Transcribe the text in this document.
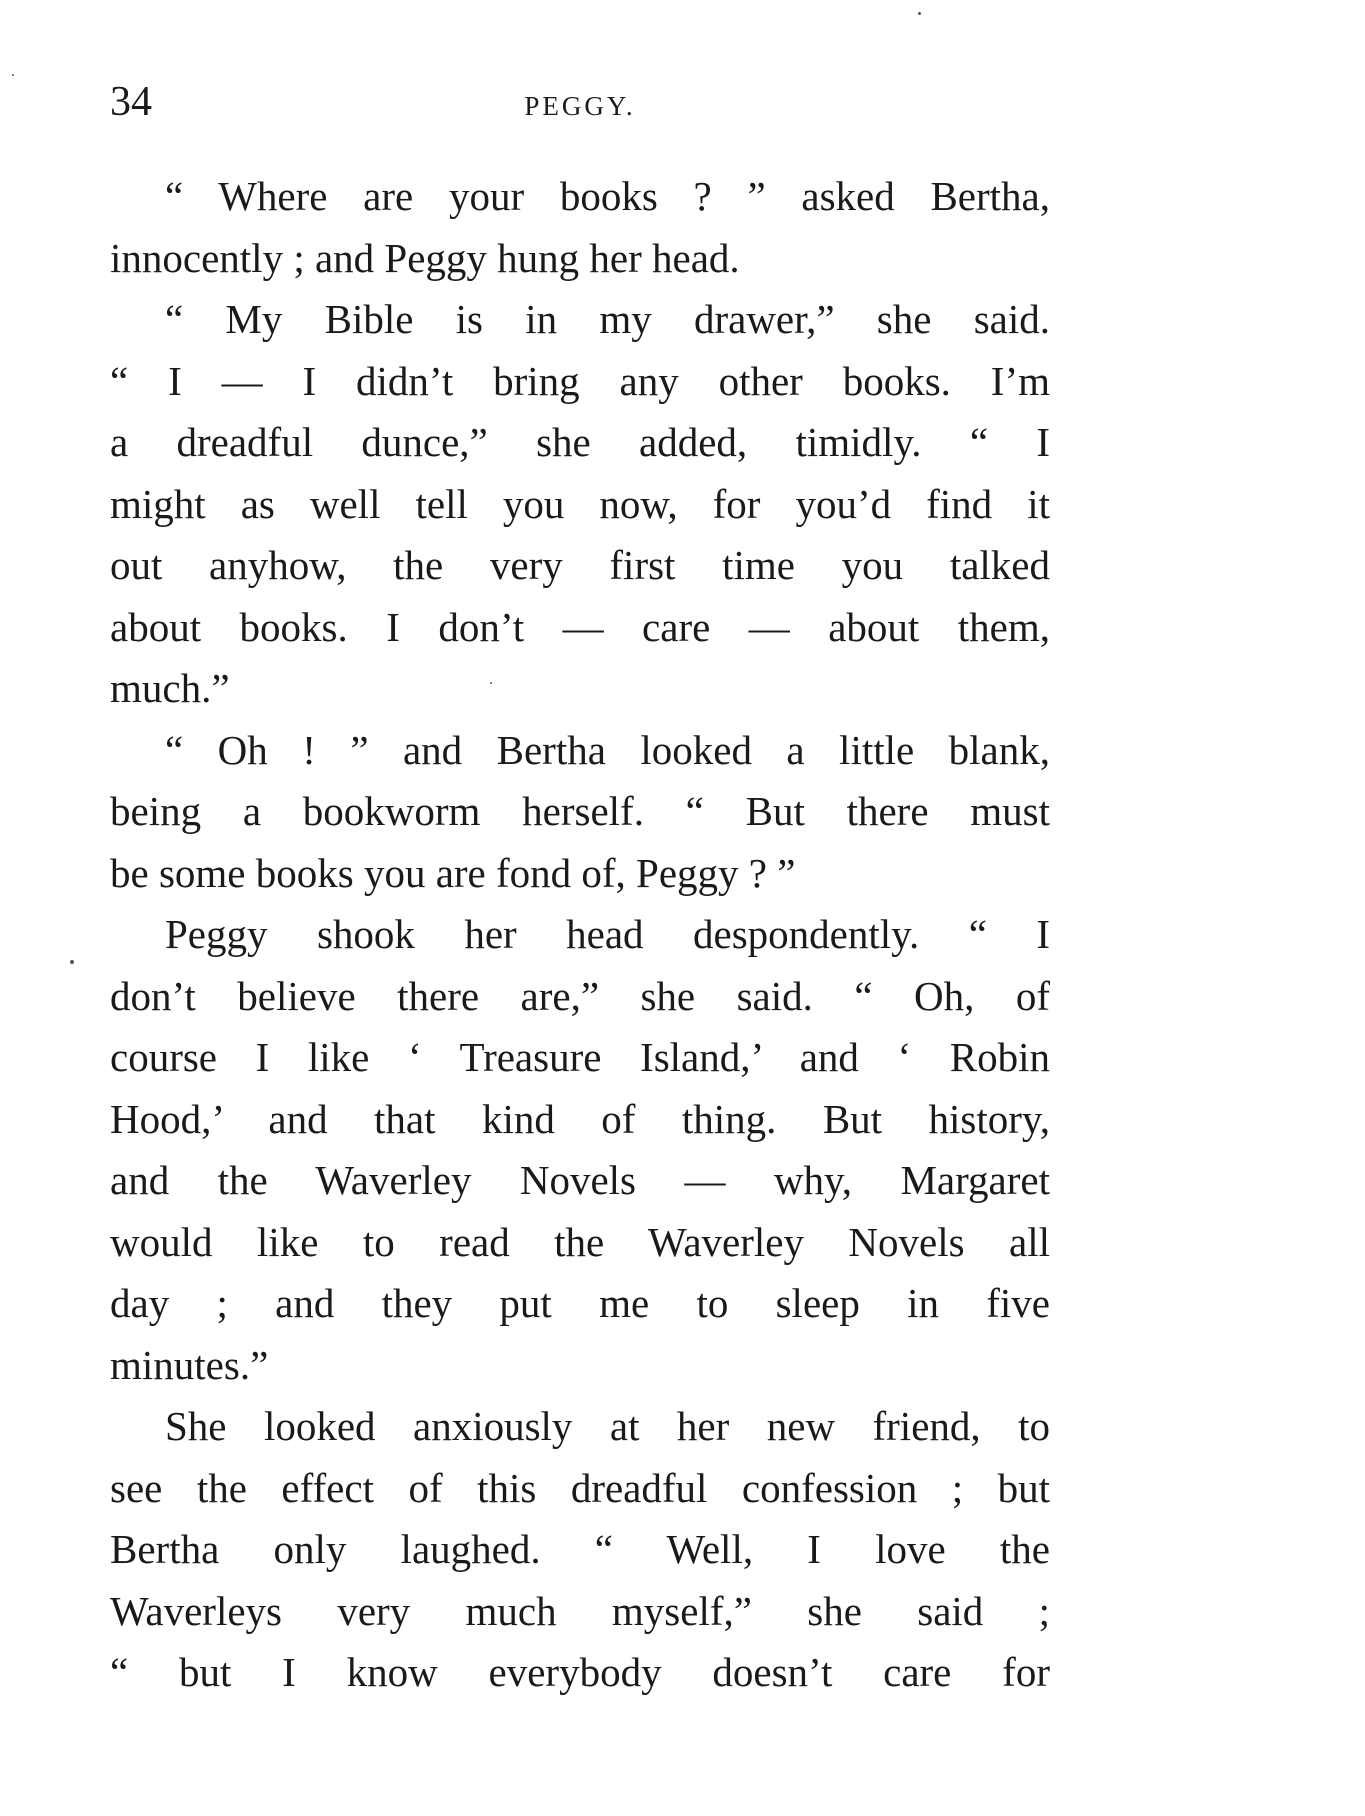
34	PEGGY.
“ Where are your books ? ” asked Bertha,
innocently ; and Peggy hung her head.
“ My Bible is in my drawer,” she said.
“ I — I didn’t bring any other books. I’m
a dreadful dunce,” she added, timidly. “ I
might as well tell you now, for you’d find it
out anyhow, the very first time you talked
about books. I don’t — care — about them,
much.”
“ Oh ! ” and Bertha looked a little blank,
being a bookworm herself. “ But there must
be some books you are fond of, Peggy ? ”
Peggy shook her head despondently. “ I
don’t believe there are,” she said. “ Oh, of
course I like ‘ Treasure Island,’ and ‘ Robin
Hood,’ and that kind of thing. But history,
and the Waverley Novels — why, Margaret
would like to read the Waverley Novels all
day ; and they put me to sleep in five
minutes.”
She looked anxiously at her new friend, to
see the effect of this dreadful confession ; but
Bertha only laughed. “ Well, I love the
Waverleys very much myself,” she said ;
“ but I know everybody doesn’t care for
